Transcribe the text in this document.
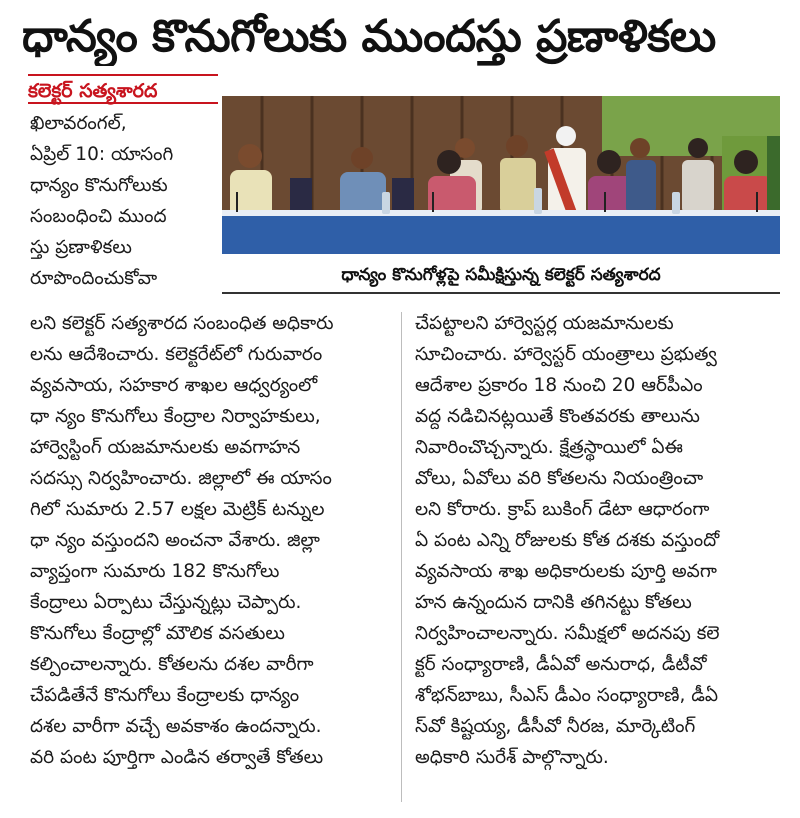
ధాన్యం కొనుగోలుకు ముందస్తు ప్రణాళికలు
కలెక్టర్ సత్యశారద
ఖిలావరంగల్,
ఏప్రిల్ 10: యాసంగి
ధాన్యం కొనుగోలుకు
సంబంధించి ముంద
స్తు ప్రణాళికలు
రూపొందించుకోవా	ధాన్యం కొనుగోళ్లపై సమీక్షిస్తున్న కలెక్టర్ సత్యశారద
లని కలెక్టర్ సత్యశారద సంబంధిత అధికారు
లను ఆదేశించారు. కలెక్టరేట్‌లో గురువారం
వ్యవసాయ, సహకార శాఖల ఆధ్వర్యంలో
ధా న్యం కొనుగోలు కేంద్రాల నిర్వాహకులు,
హార్వెస్టింగ్ యజమానులకు అవగాహన
సదస్సు నిర్వహించారు. జిల్లాలో ఈ యాసం
గిలో సుమారు 2.57 లక్షల మెట్రిక్ టన్నుల
ధా న్యం వస్తుందని అంచనా వేశారు. జిల్లా
వ్యాప్తంగా సుమారు 182 కొనుగోలు
కేంద్రాలు ఏర్పాటు చేస్తున్నట్లు చెప్పారు.
కొనుగోలు కేంద్రాల్లో మౌలిక వసతులు
కల్పించాలన్నారు. కోతలను దశల వారీగా
చేపడితేనే కొనుగోలు కేంద్రాలకు ధాన్యం
దశల వారీగా వచ్చే అవకాశం ఉందన్నారు.
వరి పంట పూర్తిగా ఎండిన తర్వాతే కోతలు
చేపట్టాలని హార్వెస్టర్ల యజమానులకు
సూచించారు. హార్వెస్టర్ యంత్రాలు ప్రభుత్వ
ఆదేశాల ప్రకారం 18 నుంచి 20 ఆర్‌పీఎం
వద్ద నడిచినట్లయితే కొంతవరకు తాలును
నివారించొచ్చన్నారు. క్షేత్రస్థాయిలో ఏఈ
వోలు, ఏవోలు వరి కోతలను నియంత్రించా
లని కోరారు. క్రాప్ బుకింగ్ డేటా ఆధారంగా
ఏ పంట ఎన్ని రోజులకు కోత దశకు వస్తుందో
వ్యవసాయ శాఖ అధికారులకు పూర్తి అవగా
హన ఉన్నందున దానికి తగినట్టు కోతలు
నిర్వహించాలన్నారు. సమీక్షలో అదనపు కలె
క్టర్ సంధ్యారాణి, డీఏవో అనురాధ, డీటీవో
శోభన్‌బాబు, సీఎస్ డీఎం సంధ్యారాణి, డీఏ
స్‌వో కిష్టయ్య, డీసీవో నీరజ, మార్కెటింగ్
అధికారి సురేశ్ పాల్గొన్నారు.
